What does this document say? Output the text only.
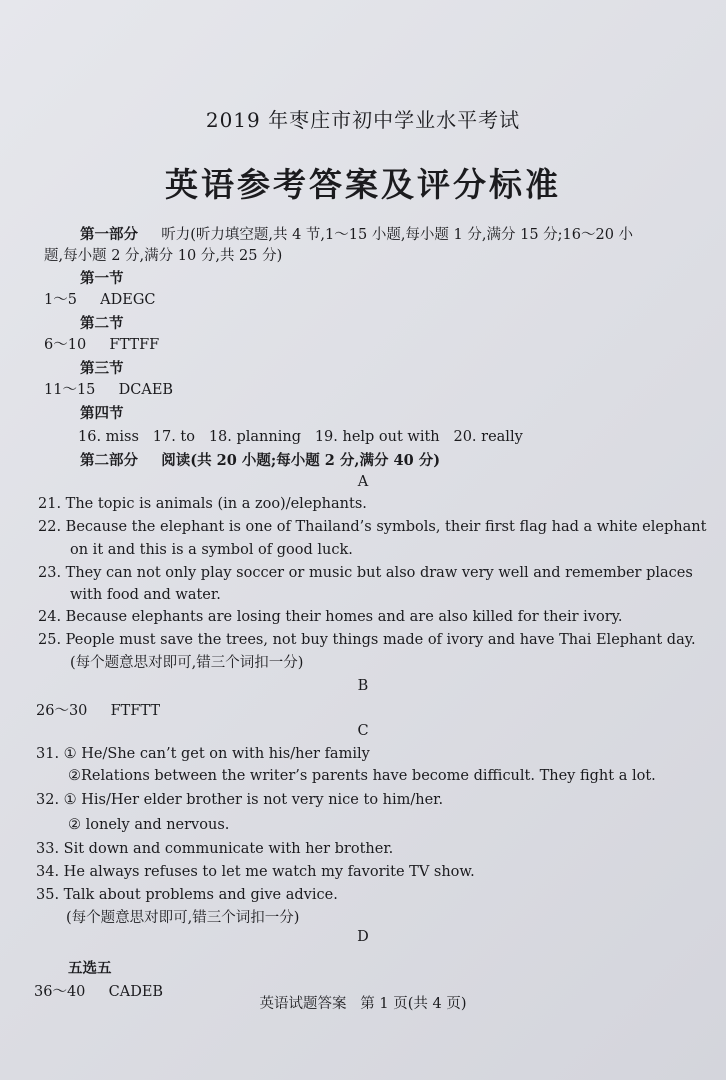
2019 年枣庄市初中学业水平考试
英语参考答案及评分标准
第一部分 听力(听力填空题,共 4 节,1～15 小题,每小题 1 分,满分 15 分;16～20 小
题,每小题 2 分,满分 10 分,共 25 分)
第一节
1～5 ADEGC
第二节
6～10 FTTFF
第三节
11～15 DCAEB
第四节
16. miss   17. to   18. planning   19. help out with   20. really
第二部分 阅读(共 20 小题;每小题 2 分,满分 40 分)
A
21. The topic is animals (in a zoo)/elephants.
22. Because the elephant is one of Thailand’s symbols, their first flag had a white elephant
on it and this is a symbol of good luck.
23. They can not only play soccer or music but also draw very well and remember places
with food and water.
24. Because elephants are losing their homes and are also killed for their ivory.
25. People must save the trees, not buy things made of ivory and have Thai Elephant day.
(每个题意思对即可,错三个词扣一分)
B
26～30 FTFTT
C
31. ① He/She can’t get on with his/her family
②Relations between the writer’s parents have become difficult. They fight a lot.
32. ① His/Her elder brother is not very nice to him/her.
② lonely and nervous.
33. Sit down and communicate with her brother.
34. He always refuses to let me watch my favorite TV show.
35. Talk about problems and give advice.
(每个题意思对即可,错三个词扣一分)
D
五选五
36～40 CADEB
英语试题答案   第 1 页(共 4 页)
